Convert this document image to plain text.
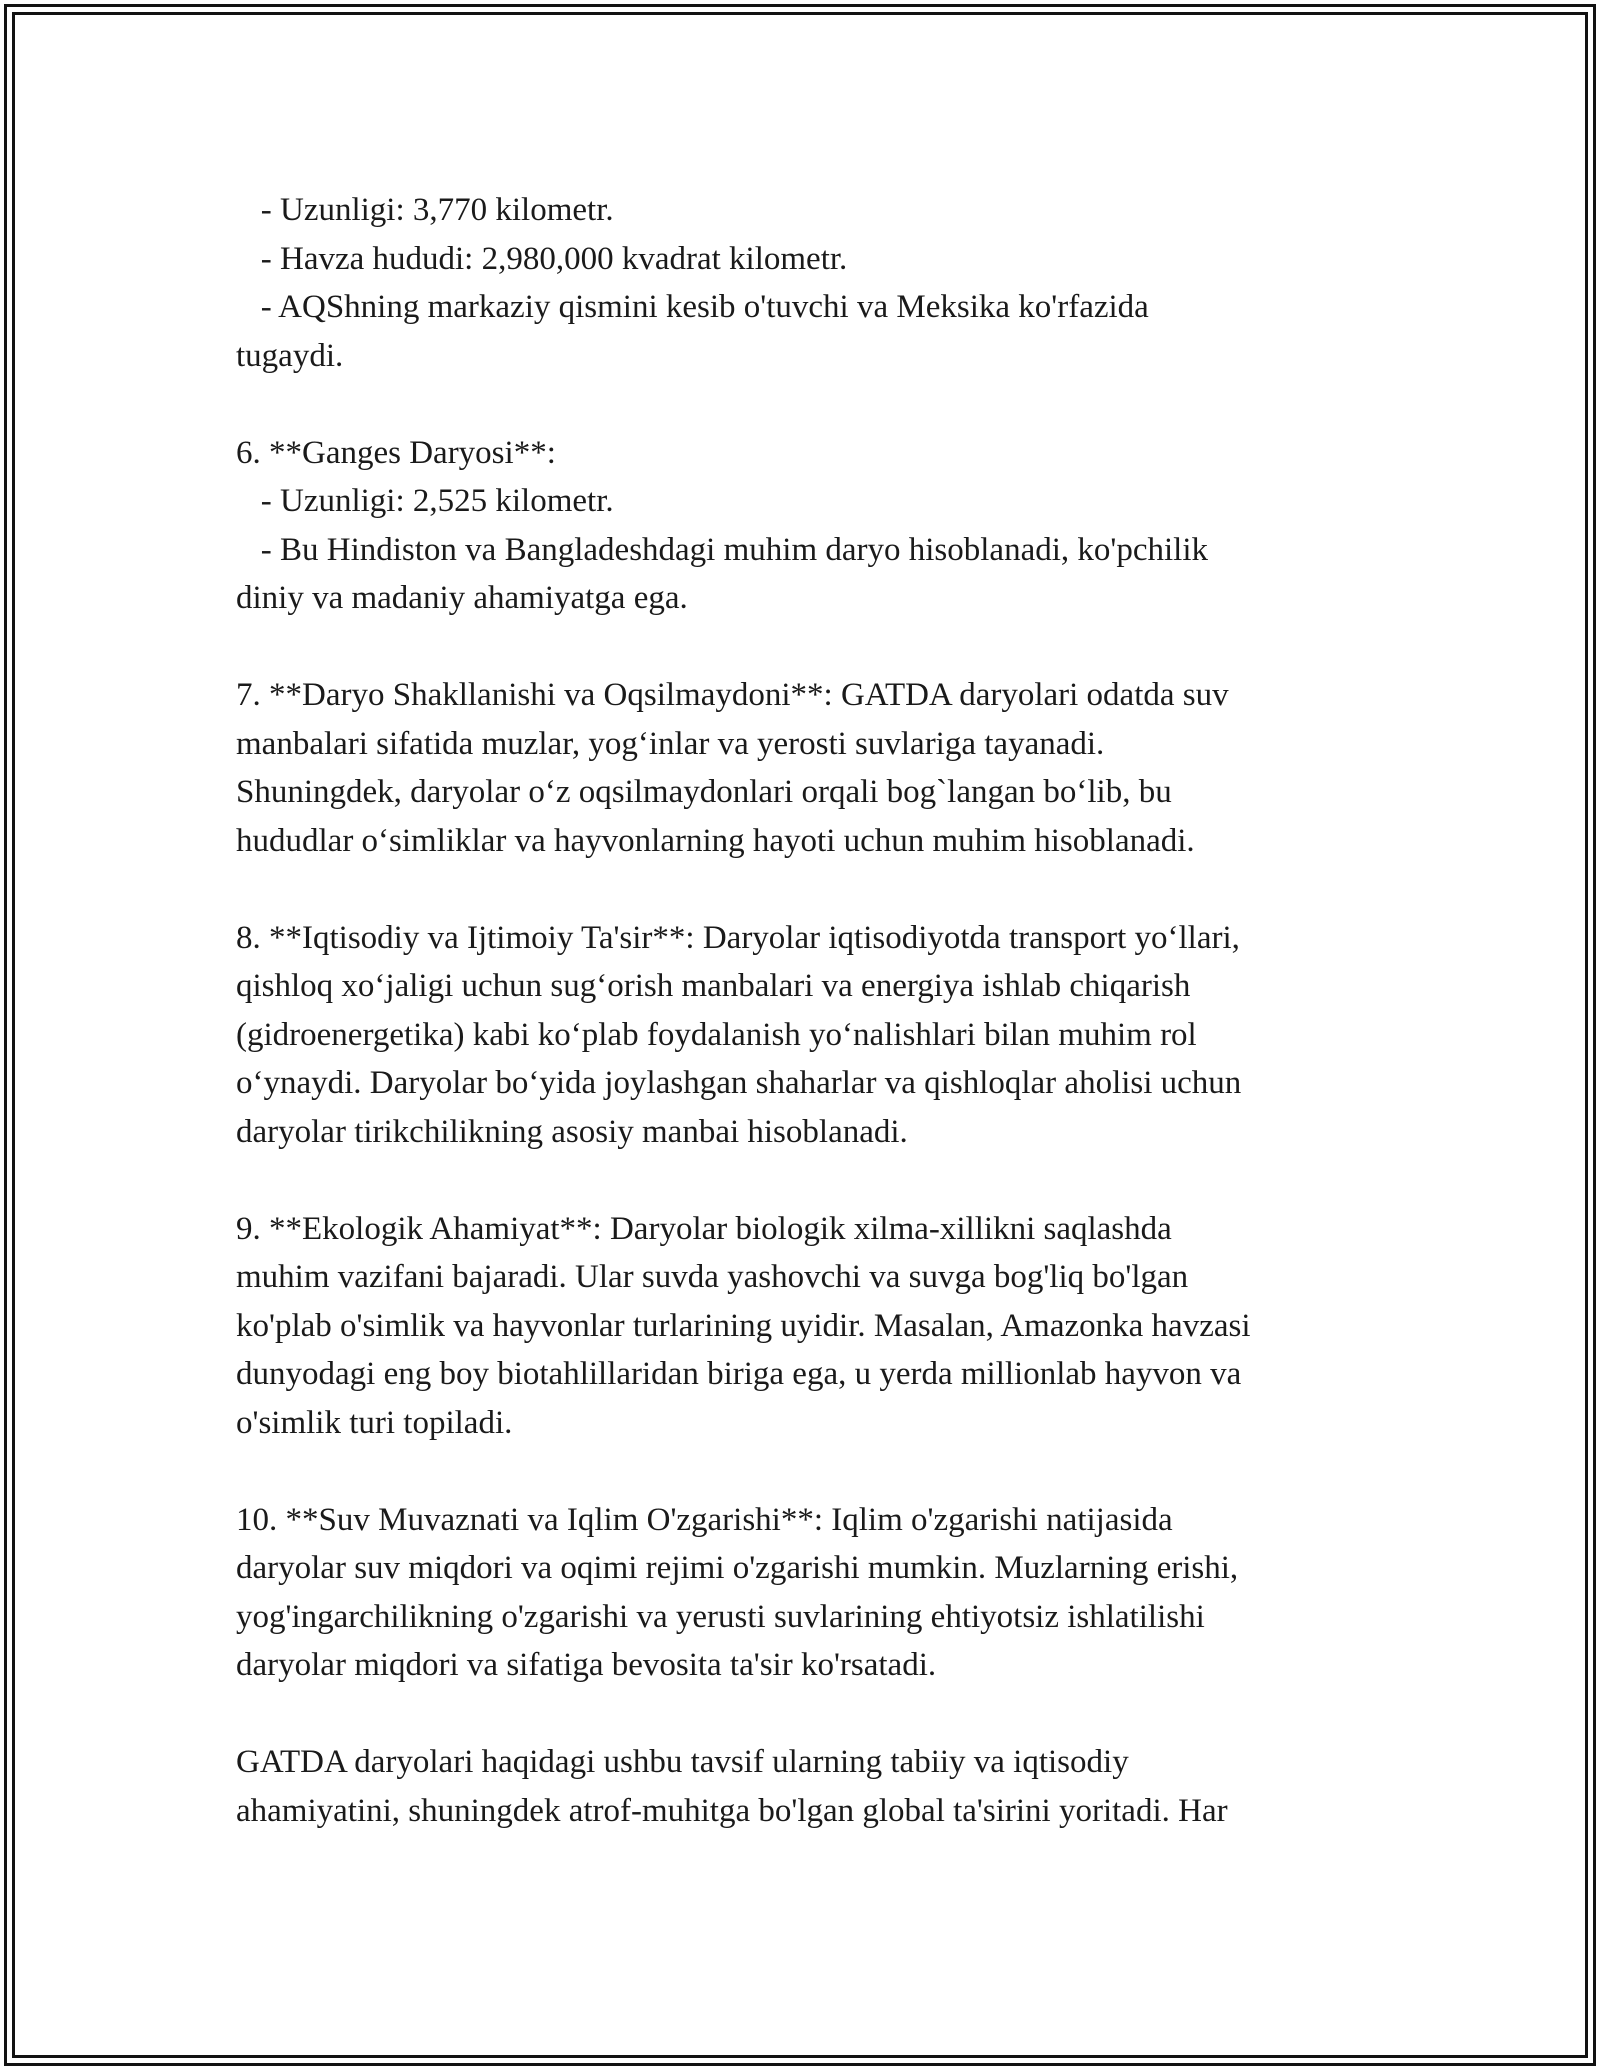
- Uzunligi: 3,770 kilometr.
- Havza hududi: 2,980,000 kvadrat kilometr.
- AQShning markaziy qismini kesib o'tuvchi va Meksika ko'rfazida
tugaydi.
6. **Ganges Daryosi**:
- Uzunligi: 2,525 kilometr.
- Bu Hindiston va Bangladeshdagi muhim daryo hisoblanadi, ko'pchilik
diniy va madaniy ahamiyatga ega.
7. **Daryo Shakllanishi va Oqsilmaydoni**: GATDA daryolari odatda suv
manbalari sifatida muzlar, yog‘inlar va yerosti suvlariga tayanadi.
Shuningdek, daryolar o‘z oqsilmaydonlari orqali bog`langan bo‘lib, bu
hududlar o‘simliklar va hayvonlarning hayoti uchun muhim hisoblanadi.
8. **Iqtisodiy va Ijtimoiy Ta'sir**: Daryolar iqtisodiyotda transport yo‘llari,
qishloq xo‘jaligi uchun sug‘orish manbalari va energiya ishlab chiqarish
(gidroenergetika) kabi ko‘plab foydalanish yo‘nalishlari bilan muhim rol
o‘ynaydi. Daryolar bo‘yida joylashgan shaharlar va qishloqlar aholisi uchun
daryolar tirikchilikning asosiy manbai hisoblanadi.
9. **Ekologik Ahamiyat**: Daryolar biologik xilma-xillikni saqlashda
muhim vazifani bajaradi. Ular suvda yashovchi va suvga bog'liq bo'lgan
ko'plab o'simlik va hayvonlar turlarining uyidir. Masalan, Amazonka havzasi
dunyodagi eng boy biotahlillaridan biriga ega, u yerda millionlab hayvon va
o'simlik turi topiladi.
10. **Suv Muvaznati va Iqlim O'zgarishi**: Iqlim o'zgarishi natijasida
daryolar suv miqdori va oqimi rejimi o'zgarishi mumkin. Muzlarning erishi,
yog'ingarchilikning o'zgarishi va yerusti suvlarining ehtiyotsiz ishlatilishi
daryolar miqdori va sifatiga bevosita ta'sir ko'rsatadi.
GATDA daryolari haqidagi ushbu tavsif ularning tabiiy va iqtisodiy
ahamiyatini, shuningdek atrof-muhitga bo'lgan global ta'sirini yoritadi. Har
